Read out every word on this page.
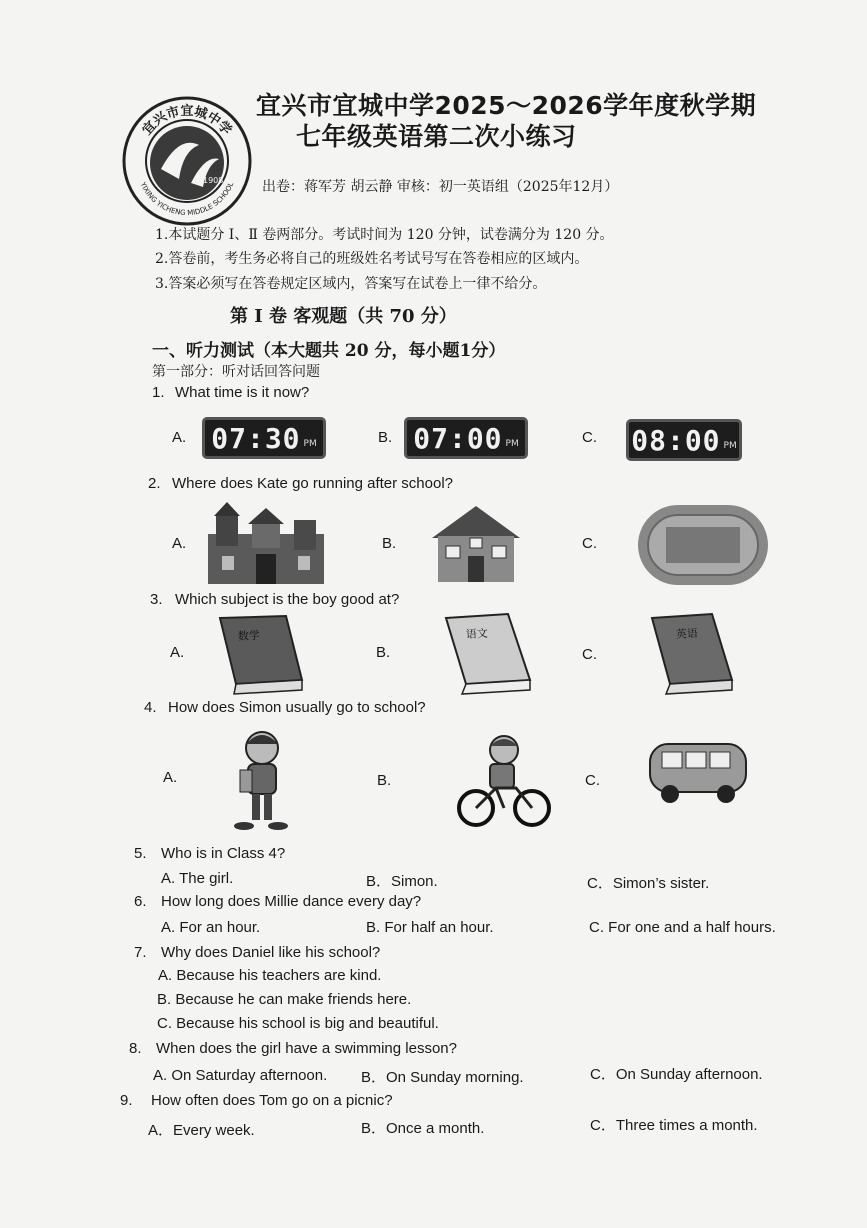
宜兴市宜城中学
YIXING YICHENG MIDDLE SCHOOL
1908
宜兴市宜城中学2025～2026学年度秋学期
七年级英语第二次小练习
出卷：蒋军芳 胡云静 审核：初一英语组（2025年12月）
1.本试题分 Ⅰ、Ⅱ 卷两部分。考试时间为 120 分钟，试卷满分为 120 分。
2.答卷前，考生务必将自己的班级姓名考试号写在答卷相应的区域内。
3.答案必须写在答卷规定区域内，答案写在试卷上一律不给分。
第 Ⅰ 卷 客观题（共 70 分）
一、听力测试（本大题共 20 分，每小题1分）
第一部分：听对话回答问题
1. What time is it now?
A.	B.	C.
07:30 PM	07:00 PM	08:00 PM
2. Where does Kate go running after school?
A.	B.	C.
3. Which subject is the boy good at?
A.	B.	C.
数学	语文	英语
4. How does Simon usually go to school?
A.	B.	C.
5. Who is in Class 4?
A. The girl.	B．Simon.	C．Simon’s sister.
6. How long does Millie dance every day?
A. For an hour.	B. For half an hour.	C. For one and a half hours.
7. Why does Daniel like his school?
A. Because his teachers are kind.
B. Because he can make friends here.
C. Because his school is big and beautiful.
8. When does the girl have a swimming lesson?
A. On Saturday afternoon. B．On Sunday morning.	C．On Sunday afternoon.
9. How often does Tom go on a picnic?
A．Every week.	B．Once a month.	C．Three times a month.
